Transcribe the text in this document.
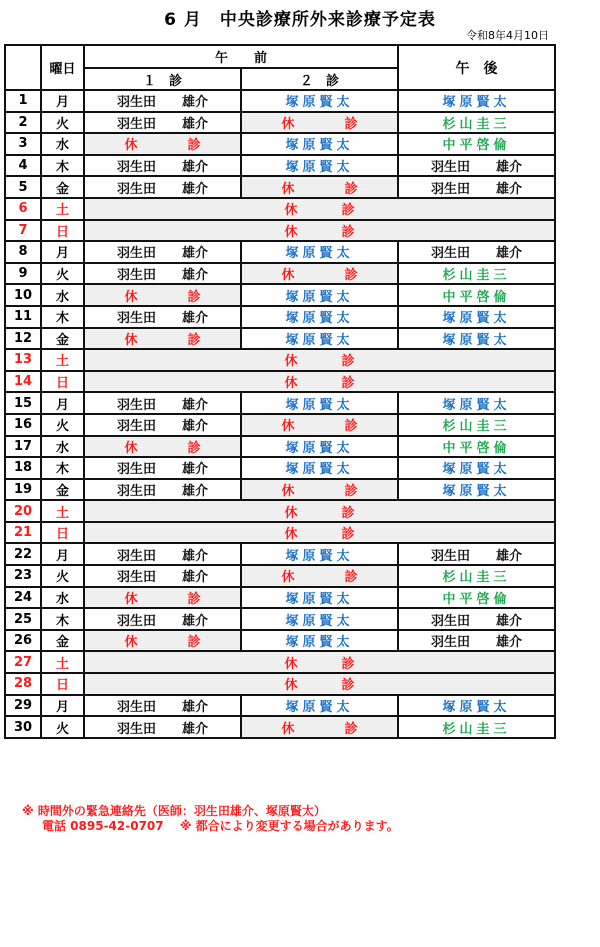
6 月　中央診療所外来診療予定表
令和8年4月10日
	曜日	午　　前		午　後
		１　診	２　診	
1	月	羽生田　　雄介	塚原賢太	塚原賢太
2	火	羽生田　　雄介	休 診	杉山圭三
3	水	休 診	塚原賢太	中平啓倫
4	木	羽生田　　雄介	塚原賢太	羽生田　　雄介
5	金	羽生田　　雄介	休 診	羽生田　　雄介
6	土	休 診		
7	日	休 診		
8	月	羽生田　　雄介	塚原賢太	羽生田　　雄介
9	火	羽生田　　雄介	休 診	杉山圭三
10	水	休 診	塚原賢太	中平啓倫
11	木	羽生田　　雄介	塚原賢太	塚原賢太
12	金	休 診	塚原賢太	塚原賢太
13	土	休 診		
14	日	休 診		
15	月	羽生田　　雄介	塚原賢太	塚原賢太
16	火	羽生田　　雄介	休 診	杉山圭三
17	水	休 診	塚原賢太	中平啓倫
18	木	羽生田　　雄介	塚原賢太	塚原賢太
19	金	羽生田　　雄介	休 診	塚原賢太
20	土	休 診		
21	日	休 診		
22	月	羽生田　　雄介	塚原賢太	羽生田　　雄介
23	火	羽生田　　雄介	休 診	杉山圭三
24	水	休 診	塚原賢太	中平啓倫
25	木	羽生田　　雄介	塚原賢太	羽生田　　雄介
26	金	休 診	塚原賢太	羽生田　　雄介
27	土	休 診		
28	日	休 診		
29	月	羽生田　　雄介	塚原賢太	塚原賢太
30	火	羽生田　　雄介	休 診	杉山圭三
※ 時間外の緊急連絡先（医師：羽生田雄介、塚原賢太）
電話 0895-42-0707　 ※ 都合により変更する場合があります。
